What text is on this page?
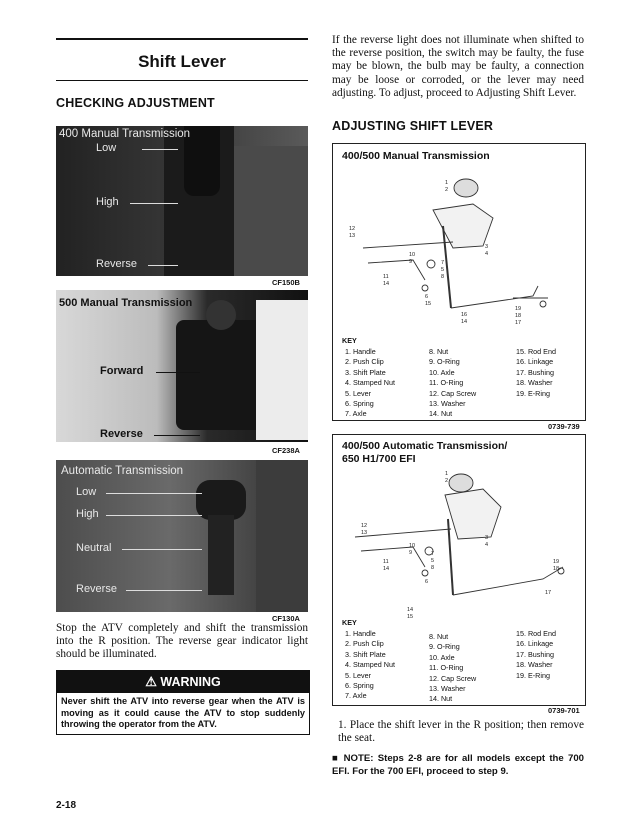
Shift Lever
CHECKING ADJUSTMENT
400 Manual Transmission
Low
High
Reverse
CF150B
500 Manual Transmission
Forward
Reverse
CF238A
Automatic Transmission
Low
High
Neutral
Reverse
CF130A
Stop the ATV completely and shift the transmission into the R position. The reverse gear indicator light should be illuminated.
⚠ WARNING
Never shift the ATV into reverse gear when the ATV is moving as it could cause the ATV to stop suddenly throwing the operator from the ATV.
2-18
If the reverse light does not illuminate when shifted to the reverse position, the switch may be faulty, the fuse may be blown, the bulb may be faulty, a connection may be loose or corroded, or the lever may need adjusting. To adjust, proceed to Adjusting Shift Lever.
ADJUSTING SHIFT LEVER
400/500 Manual Transmission
1
2
3
4
7
5
8
10
9
12
13
11
14
6
15
16
14
19
18
17
KEY
1. Handle
2. Push Clip
3. Shift Plate
4. Stamped Nut
5. Lever
6. Spring
7. Axle
8. Nut
9. O-Ring
10. Axle
11. O-Ring
12. Cap Screw
13. Washer
14. Nut
15. Rod End
16. Linkage
17. Bushing
18. Washer
19. E-Ring
0739-739
400/500 Automatic Transmission/
650 H1/700 EFI
1
2
3
4
7
5
8
10
9
12
13
11
14
6
14
15
19
18
17
KEY
1. Handle
2. Push Clip
3. Shift Plate
4. Stamped Nut
5. Lever
6. Spring
7. Axle
8. Nut
9. O-Ring
10. Axle
11. O-Ring
12. Cap Screw
13. Washer
14. Nut
15. Rod End
16. Linkage
17. Bushing
18. Washer
19. E-Ring
0739-701
1. Place the shift lever in the R position; then remove the seat.
■ NOTE: Steps 2-8 are for all models except the 700 EFI. For the 700 EFI, proceed to step 9.
